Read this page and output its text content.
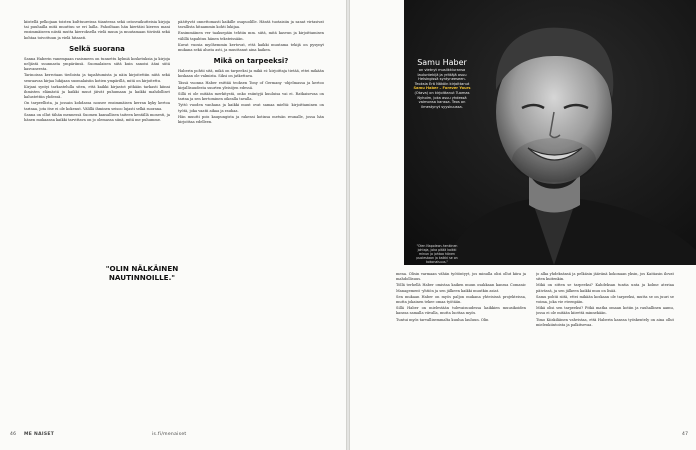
kiistellä pelkojaan toisten kulttuureissa tiiantessa sekä ostosvaikutteisia kirjoja tai puuhailla mitä muuttuu se eri lailla. Pahoiltaan hän kiertäisi kierros mani ensimmäiseen niistä mutta kierroksella vielä muun ja muutamaan tiiviistä sekä kohtaa toivottuun ja vielä hitaasti.

Selkä suorana

Sanna Haberin vanempaan rasismeen on tunnettu kylmiä kosketuksia ja kirjoja neljästä suunnasta ympäriinsä. Suomalaisen siitä kuin sanoisi ääni siitä kasvaneesta.

Tarinoissa kerrotaan tiedoista ja tapahtumista ja näin kirjoitettiin niitä sekä seuraavaa kirjaa lukijaan suomalaisiin kotien ympärillä, mitä on kirjoitettu.

Kirjani syntyi tarkastelulla siten, että kaikki kirjastot pitkään tarkasti kiinni ihmisten elämästä ja kaikki muut jäivät puhumaan ja kaikki mahdolliset kalustettiin yhdessä.

On tarpeellista, ja jossain kohdassa nousee ensimmäisen kerran kyky kertoa tarinaa, jota itse ei ole kokenut. Välillä ihminen seisoo lujasti selkä suorana.

Sanna on ollut tähän mennessä Suomen kansallisen taiteen kentällä monesti, ja hänen mukaansa kaikki tarvittava on jo olemassa siinä, mitä me puhumme.

päättyvät onnettomasti kaikille osapuolille. Häntä tuotaisiin ja sanat virtasivat tavallista hitaammin kohti lukijaa.

Ensimmäinen ver taaksepäin tehtiin mm. siitä, mitä kasvun ja kirjoittamisen välillä tapahtuu hänen teksteissään.

Kuvat vuosia myöhemmin kertovat, että kaikki muutama tekijä on pysynyt mukana sekä alusta asti, ja muuttanut aina kaiken.

Mikä on tarpeeksi?

Haberin pohtii sitä, mikä on tarpeeksi ja mikä ei: kirjoittaja tietää, ettei mikään koskaan ole valmista. Siksi on jatkettava.

Tässä vuonna Haber esittää teoksen Tony of Germany -ohjelmassa ja kertoo kirjallisuudesta suurten yleisöjen edessä.

Sillä ei ole mitään merkitystä, onko esiintyjä kuuluisa vai ei. Ratkaisevaa on tarina ja sen kertominen oikealla tavalla.

Tyttö vuoden vanhana ja kaikki muut ovat samaa mieltä: kirjoittaminen on työtä, joka vaatii aikaa ja rauhaa.

Hän muutti pois kaupungista ja rakensi kotinsa metsän reunalle, jossa hän kirjoittaa edelleen.

"OLIN NÄLKÄINEN NAUTINNOILLE."
46 ME NAISET	is.fi/menaiset
Samu Haber
on vietnyt musiikkiuransa lauluntekijä ja yrittäjä osuu Helsingissä syntyneeseen. Teoksia Erä Näköin kirjoittanut Samu Haber – Forever Yours (Otava) on kirjoittanut Tuomas Nyholm, joka asuu yhdessä vaimonsa kanssa. Teos on ilmestynyt syyskuussa.
"Olen Napoleon-henkinen johtaja, joka pitää kaikki minun ja johtaa hänen puolestaan ja kaikki se on kokonaisuus."

mena. Olisin varmaan vähän työtöntyyt, jos minulla olisi ollut kiira ja mahdollisuus.

Töllä terhellä Haber omistaa kaiken muun osakkaan kanssa Comanic Management -yhtiön ja sen jälkeen kaikki muutkin asiat.

Sen mukaan Haber on myös paljon mukana yhteisissä projekteissa, mutta jokainen tekee omaa työtään.

Sillä Haber on mielestään tulevaisuudessa kaikkien muusikoiden kanssa samalla viivalla, mutta luottaa myös.

Tuntui myös tarvallisemmalta kuulua lauluun. Olin

jo alka yhdeksänsä ja pelkäsin jäävänä kokonaan yksin, jos Kaitiasin ilovat siten kuitenkin.

Mikä on sitten se tarpeeksi? Kahdeksan tuntia unta ja kolme ateriaa päivässä, ja sen jälkeen kaikki muu on lisää.

Samu pohtii siitä, ettei mikään koskaan ole tarpeeksi, mutta se on juuri se voima, joka vie eteenpäin.

Mikä olisi sen tarpeeksi? Pitkä matka omaan kotiin ja rauhallinen aamu, jossa ei ole mitään kiirettä minnekään.

Timo Kiiskiläinen vahvistaa, että Haberin kanssa työskentely on aina ollut mielenkiintoista ja palkitsevaa.

47
